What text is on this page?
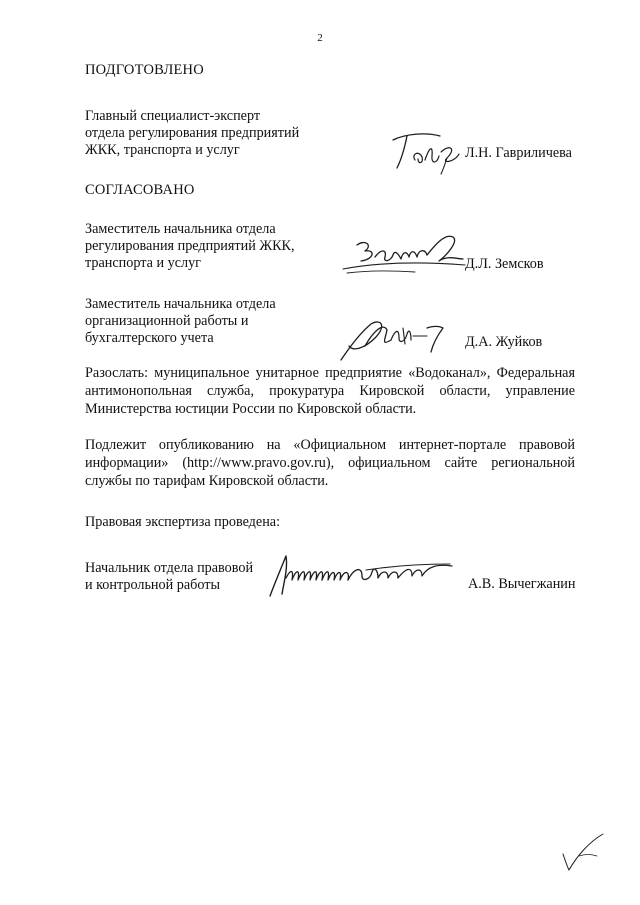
2
ПОДГОТОВЛЕНО
Главный специалист-эксперт
отдела регулирования предприятий
ЖКК, транспорта и услуг	Л.Н. Гавриличева
СОГЛАСОВАНО
Заместитель начальника отдела
регулирования предприятий ЖКК,
транспорта и услуг	Д.Л. Земсков
Заместитель начальника отдела
организационной работы и
бухгалтерского учета	Д.А. Жуйков
Разослать: муниципальное унитарное предприятие «Водоканал», Федеральная антимонопольная служба, прокуратура Кировской области, управление Министерства юстиции России по Кировской области.
Подлежит опубликованию на «Официальном интернет-портале правовой информации» (http://www.pravo.gov.ru), официальном сайте региональной службы по тарифам Кировской области.
Правовая экспертиза проведена:
Начальник отдела правовой
и контрольной работы	А.В. Вычегжанин
